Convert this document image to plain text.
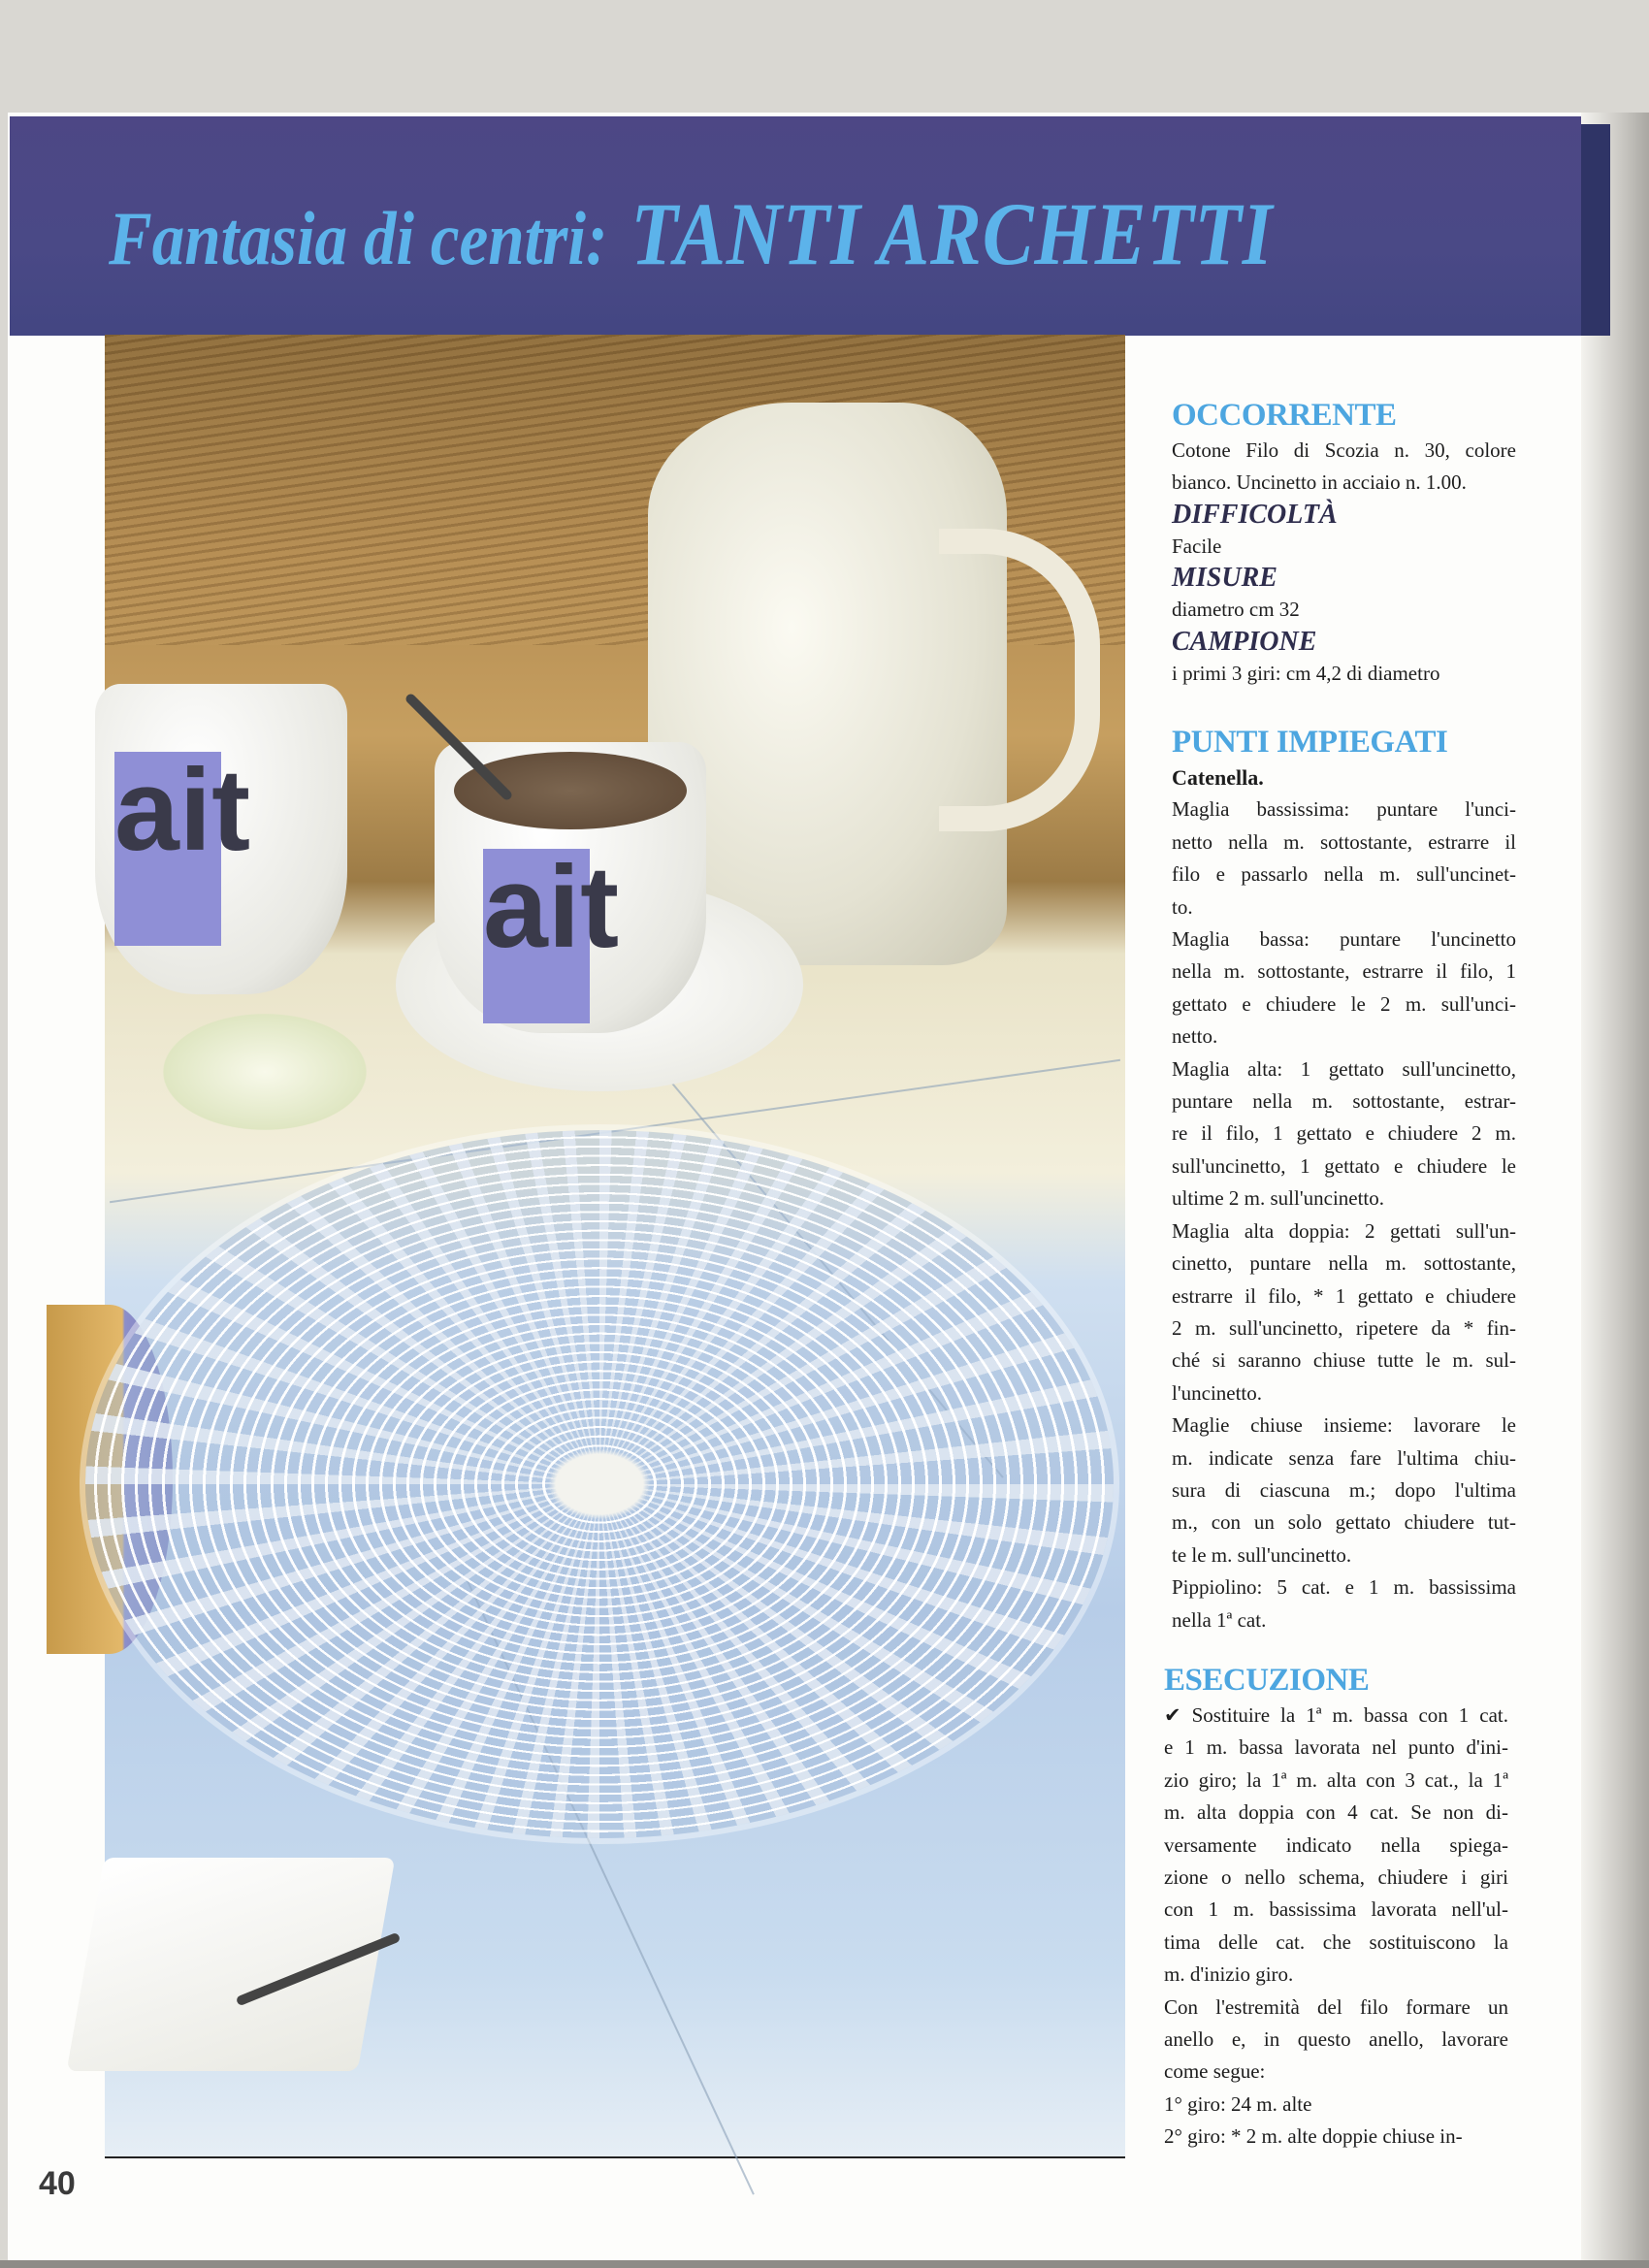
Fantasia di centri: TANTI ARCHETTI
ait
ait
OCCORRENTE
Cotone Filo di Scozia n. 30, colore
bianco. Uncinetto in acciaio n. 1.00.
DIFFICOLTÀ
Facile
MISURE
diametro cm 32
CAMPIONE
i primi 3 giri: cm 4,2 di diametro
PUNTI IMPIEGATI
Catenella.
Maglia bassissima: puntare l'unci-
netto nella m. sottostante, estrarre il
filo e passarlo nella m. sull'uncinet-
to.
Maglia bassa: puntare l'uncinetto
nella m. sottostante, estrarre il filo, 1
gettato e chiudere le 2 m. sull'unci-
netto.
Maglia alta: 1 gettato sull'uncinetto,
puntare nella m. sottostante, estrar-
re il filo, 1 gettato e chiudere 2 m.
sull'uncinetto, 1 gettato e chiudere le
ultime 2 m. sull'uncinetto.
Maglia alta doppia: 2 gettati sull'un-
cinetto, puntare nella m. sottostante,
estrarre il filo, * 1 gettato e chiudere
2 m. sull'uncinetto, ripetere da * fin-
ché si saranno chiuse tutte le m. sul-
l'uncinetto.
Maglie chiuse insieme: lavorare le
m. indicate senza fare l'ultima chiu-
sura di ciascuna m.; dopo l'ultima
m., con un solo gettato chiudere tut-
te le m. sull'uncinetto.
Pippiolino: 5 cat. e 1 m. bassissima
nella 1ª cat.
ESECUZIONE
✔ Sostituire la 1ª m. bassa con 1 cat.
e 1 m. bassa lavorata nel punto d'ini-
zio giro; la 1ª m. alta con 3 cat., la 1ª
m. alta doppia con 4 cat. Se non di-
versamente indicato nella spiega-
zione o nello schema, chiudere i giri
con 1 m. bassissima lavorata nell'ul-
tima delle cat. che sostituiscono la
m. d'inizio giro.
Con l'estremità del filo formare un
anello e, in questo anello, lavorare
come segue:
1° giro: 24 m. alte
2° giro: * 2 m. alte doppie chiuse in-
40
